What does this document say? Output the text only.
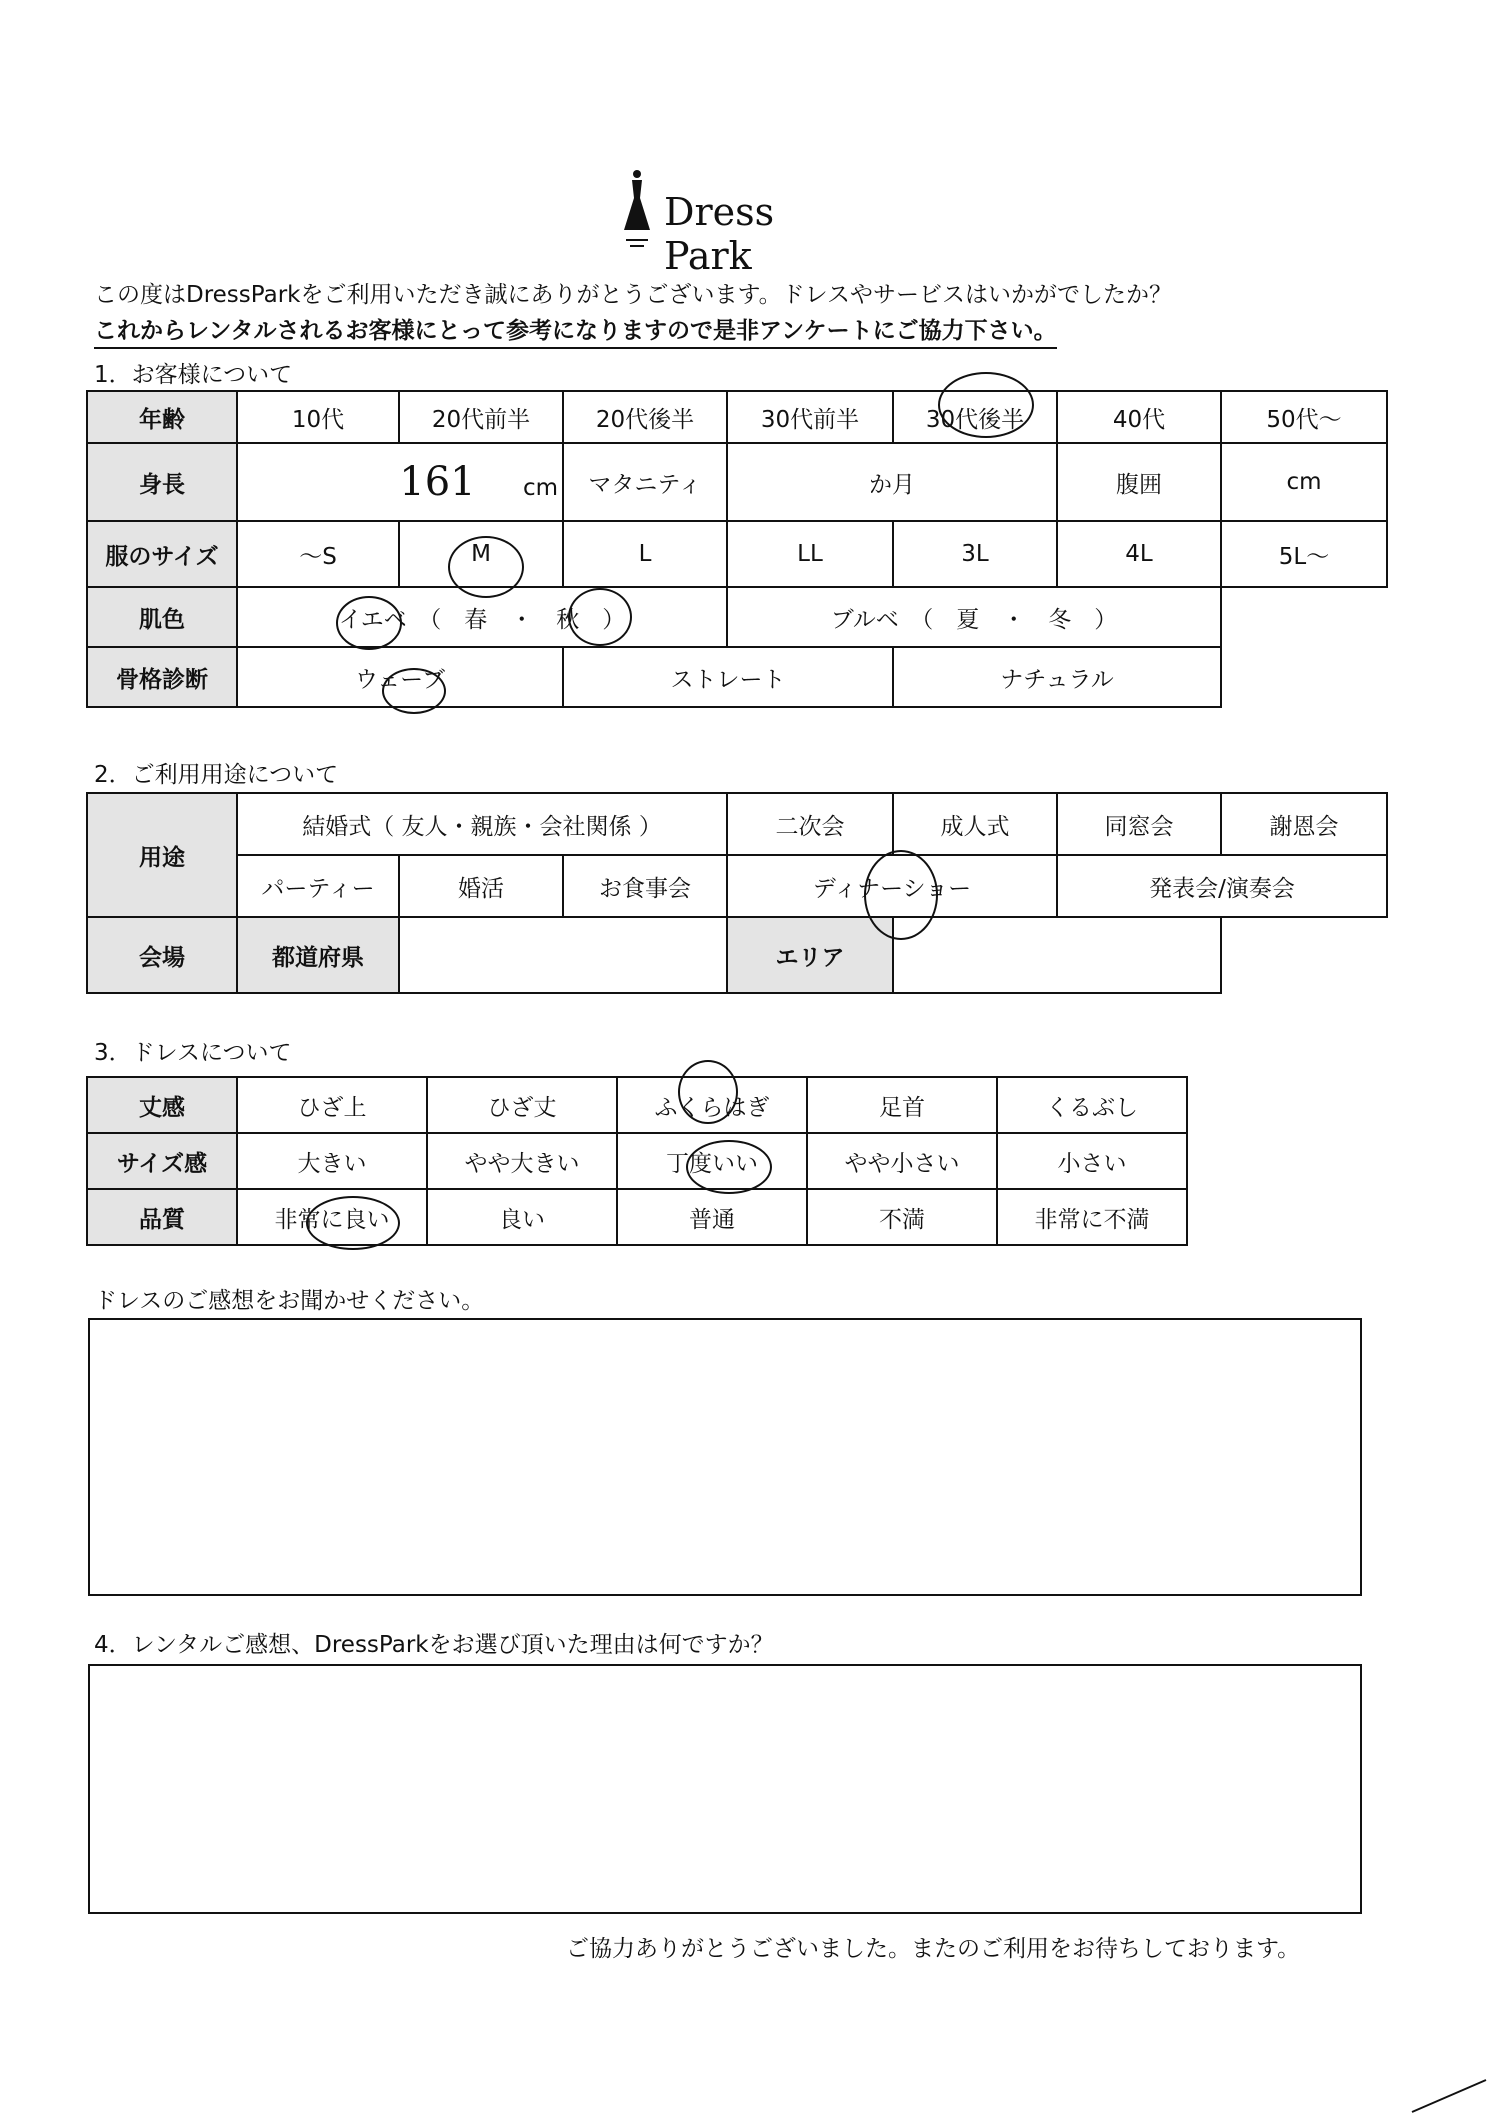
Dress Park
この度はDressParkをご利用いただき誠にありがとうございます。ドレスやサービスはいかがでしたか？
これからレンタルされるお客様にとって参考になりますので是非アンケートにご協力下さい。
1．お客様について
年齢	10代	20代前半	20代後半	30代前半	30代後半	40代	50代～
身長	161 cm		マタニティ	か月		腹囲	cm
服のサイズ	～S	M	L	LL	3L	4L	5L～
肌色	イエベ　（　春　・　秋　）			ブルベ　（　夏　・　冬　）			
骨格診断	ウェーブ		ストレート		ナチュラル		
2．ご利用用途について
用途	結婚式（ 友人・親族・会社関係 ）			二次会	成人式	同窓会	謝恩会
	パーティー	婚活	お食事会	ディナーショー		発表会/演奏会	
会場	都道府県			エリア			
3．ドレスについて
丈感	ひざ上	ひざ丈	ふくらはぎ	足首	くるぶし
サイズ感	大きい	やや大きい	丁度いい	やや小さい	小さい
品質	非常に良い	良い	普通	不満	非常に不満
ドレスのご感想をお聞かせください。
4．レンタルご感想、DressParkをお選び頂いた理由は何ですか？
ご協力ありがとうございました。またのご利用をお待ちしております。
